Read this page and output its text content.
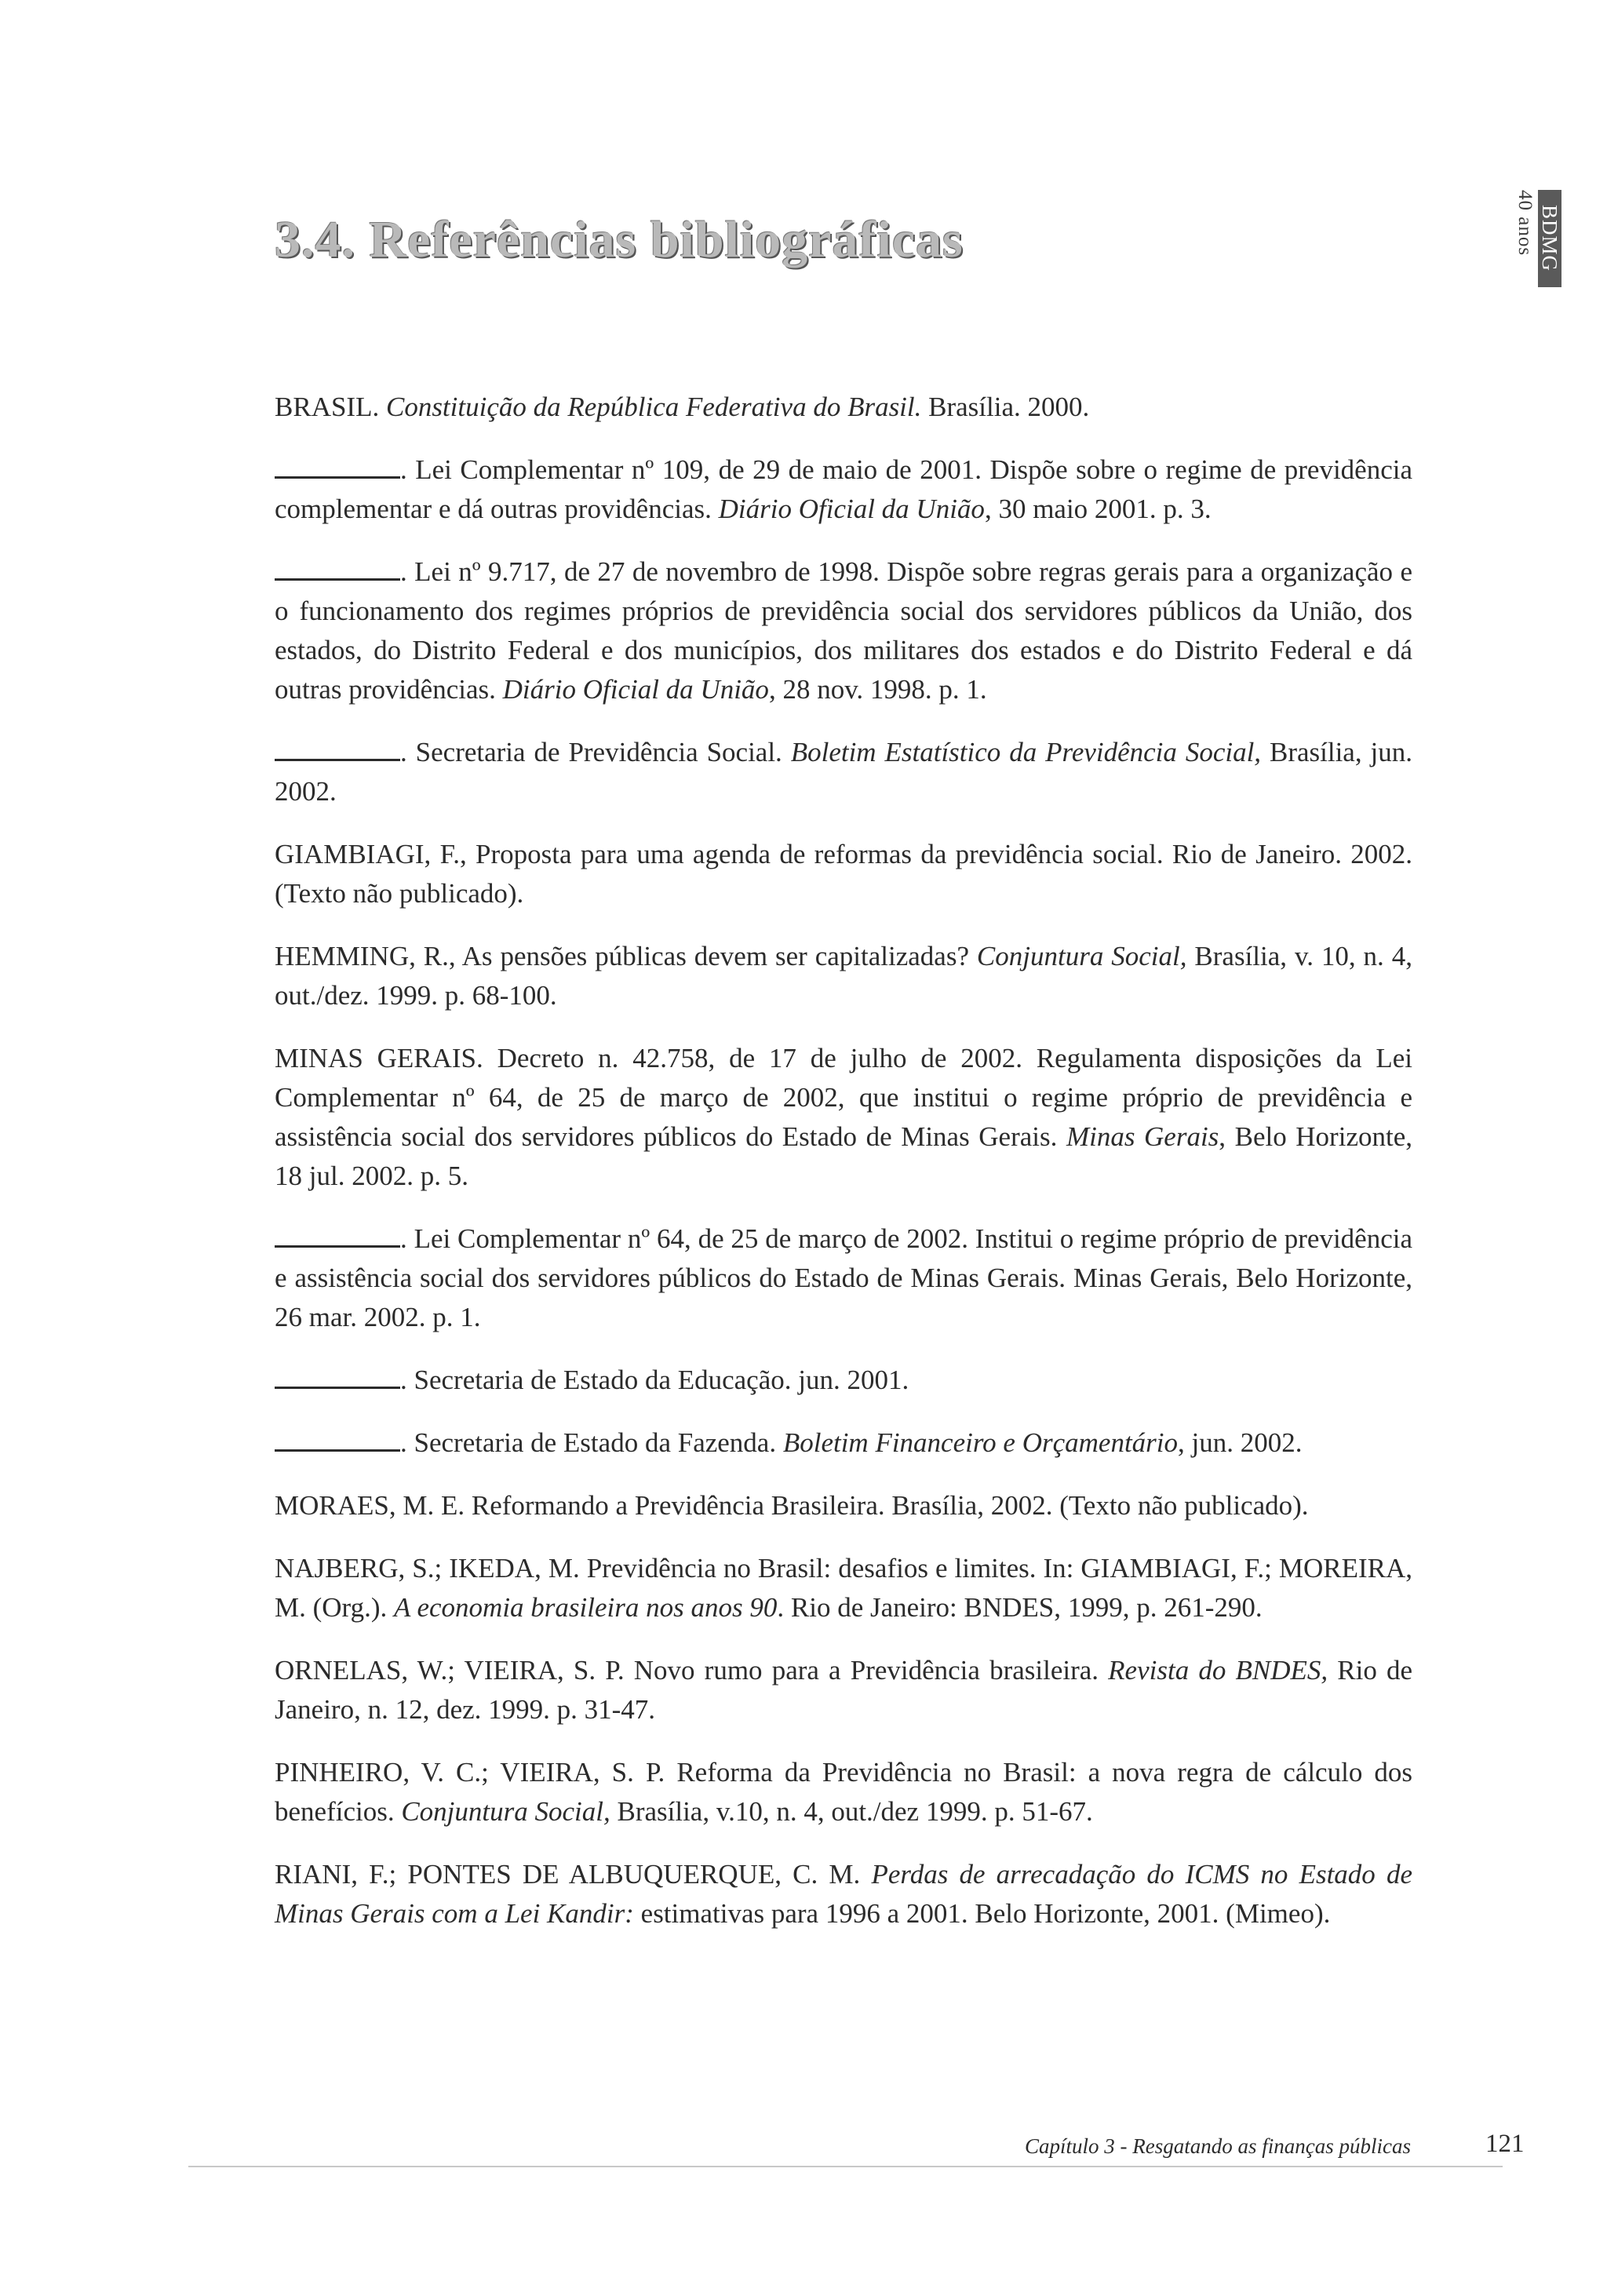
3.4. Referências bibliográficas	40 anos BDMG
BRASIL. Constituição da República Federativa do Brasil. Brasília. 2000.
. Lei Complementar nº 109, de 29 de maio de 2001. Dispõe sobre o regime de previdência complementar e dá outras providências. Diário Oficial da União, 30 maio 2001. p. 3.
. Lei nº 9.717, de 27 de novembro de 1998. Dispõe sobre regras gerais para a organização e o funcionamento dos regimes próprios de previdência social dos servidores públicos da União, dos estados, do Distrito Federal e dos municípios, dos militares dos estados e do Distrito Federal e dá outras providências. Diário Oficial da União, 28 nov. 1998. p. 1.
. Secretaria de Previdência Social. Boletim Estatístico da Previdência Social, Brasília, jun. 2002.
GIAMBIAGI, F., Proposta para uma agenda de reformas da previdência social. Rio de Janeiro. 2002. (Texto não publicado).
HEMMING, R., As pensões públicas devem ser capitalizadas? Conjuntura Social, Brasília, v. 10, n. 4, out./dez. 1999. p. 68-100.
MINAS GERAIS. Decreto n. 42.758, de 17 de julho de 2002. Regulamenta disposições da Lei Complementar nº 64, de 25 de março de 2002, que institui o regime próprio de previdência e assistência social dos servidores públicos do Estado de Minas Gerais. Minas Gerais, Belo Horizonte, 18 jul. 2002. p. 5.
. Lei Complementar nº 64, de 25 de março de 2002. Institui o regime próprio de previdência e assistência social dos servidores públicos do Estado de Minas Gerais. Minas Gerais, Belo Horizonte, 26 mar. 2002. p. 1.
. Secretaria de Estado da Educação. jun. 2001.
. Secretaria de Estado da Fazenda. Boletim Financeiro e Orçamentário, jun. 2002.
MORAES, M. E. Reformando a Previdência Brasileira. Brasília, 2002. (Texto não publicado).
NAJBERG, S.; IKEDA, M. Previdência no Brasil: desafios e limites. In: GIAMBIAGI, F.; MOREIRA, M. (Org.). A economia brasileira nos anos 90. Rio de Janeiro: BNDES, 1999, p. 261-290.
ORNELAS, W.; VIEIRA, S. P. Novo rumo para a Previdência brasileira. Revista do BNDES, Rio de Janeiro, n. 12, dez. 1999. p. 31-47.
PINHEIRO, V. C.; VIEIRA, S. P. Reforma da Previdência no Brasil: a nova regra de cálculo dos benefícios. Conjuntura Social, Brasília, v.10, n. 4, out./dez 1999. p. 51-67.
RIANI, F.; PONTES DE ALBUQUERQUE, C. M. Perdas de arrecadação do ICMS no Estado de Minas Gerais com a Lei Kandir: estimativas para 1996 a 2001. Belo Horizonte, 2001. (Mimeo).
Capítulo 3 - Resgatando as finanças públicas	121
